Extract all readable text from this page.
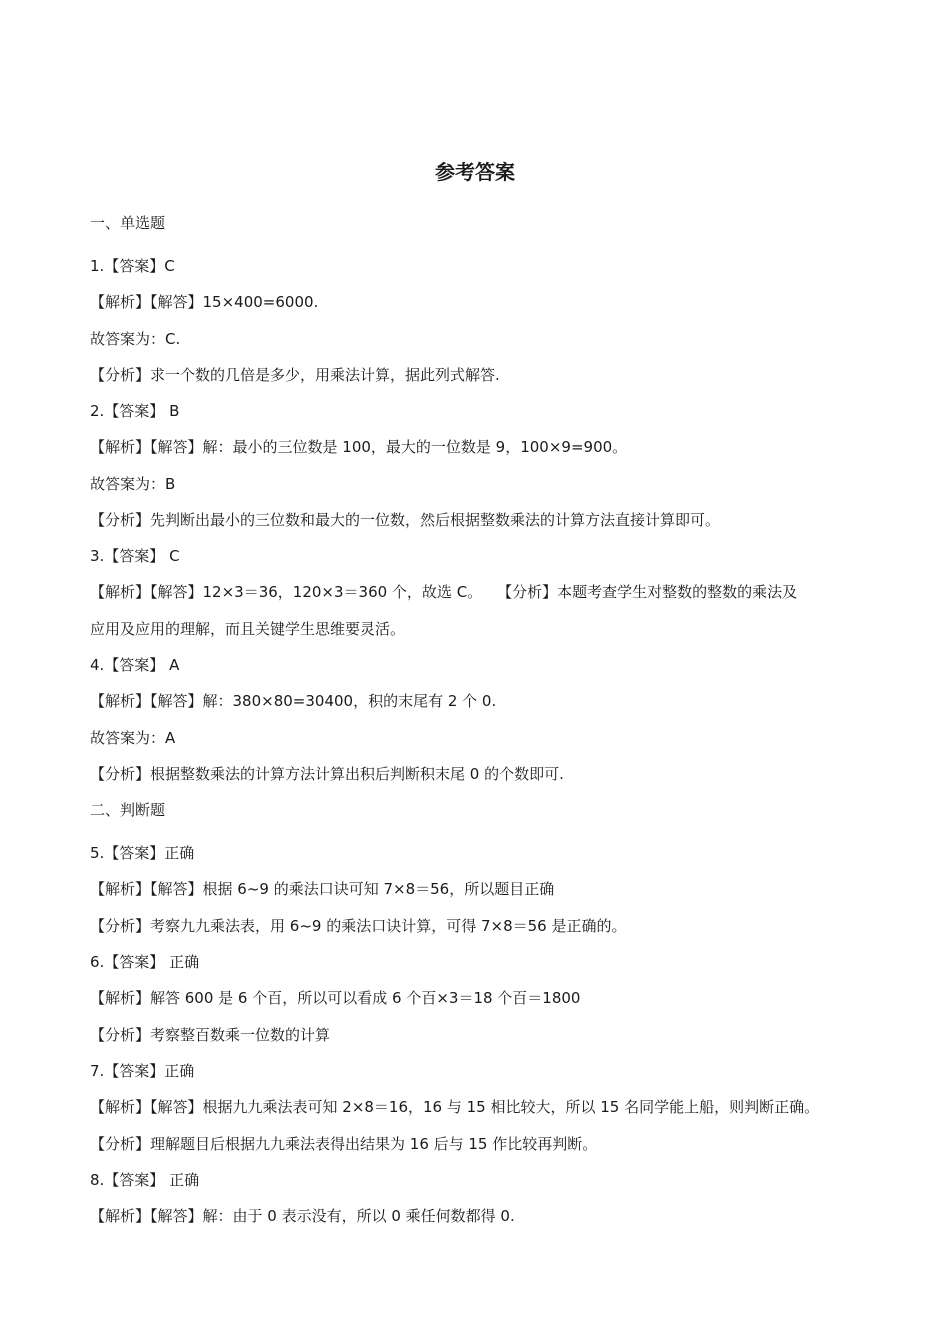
参考答案
一、单选题
1.【答案】C
【解析】【解答】15×400=6000.
故答案为：C.
【分析】求一个数的几倍是多少，用乘法计算，据此列式解答.
2.【答案】 B
【解析】【解答】解：最小的三位数是 100，最大的一位数是 9，100×9=900。
故答案为：B
【分析】先判断出最小的三位数和最大的一位数，然后根据整数乘法的计算方法直接计算即可。
3.【答案】 C
【解析】【解答】12×3＝36，120×3＝360 个，故选 C。　　【分析】本题考查学生对整数的整数的乘法及
应用及应用的理解，而且关键学生思维要灵活。
4.【答案】 A
【解析】【解答】解：380×80=30400，积的末尾有 2 个 0.
故答案为：A
【分析】根据整数乘法的计算方法计算出积后判断积末尾 0 的个数即可.
二、判断题
5.【答案】正确
【解析】【解答】根据 6~9 的乘法口诀可知 7×8＝56，所以题目正确
【分析】考察九九乘法表，用 6~9 的乘法口诀计算，可得 7×8＝56 是正确的。
6.【答案】 正确
【解析】解答 600 是 6 个百，所以可以看成 6 个百×3＝18 个百＝1800
【分析】考察整百数乘一位数的计算
7.【答案】正确
【解析】【解答】根据九九乘法表可知 2×8＝16，16 与 15 相比较大，所以 15 名同学能上船，则判断正确。
【分析】理解题目后根据九九乘法表得出结果为 16 后与 15 作比较再判断。
8.【答案】 正确
【解析】【解答】解：由于 0 表示没有，所以 0 乘任何数都得 0.
